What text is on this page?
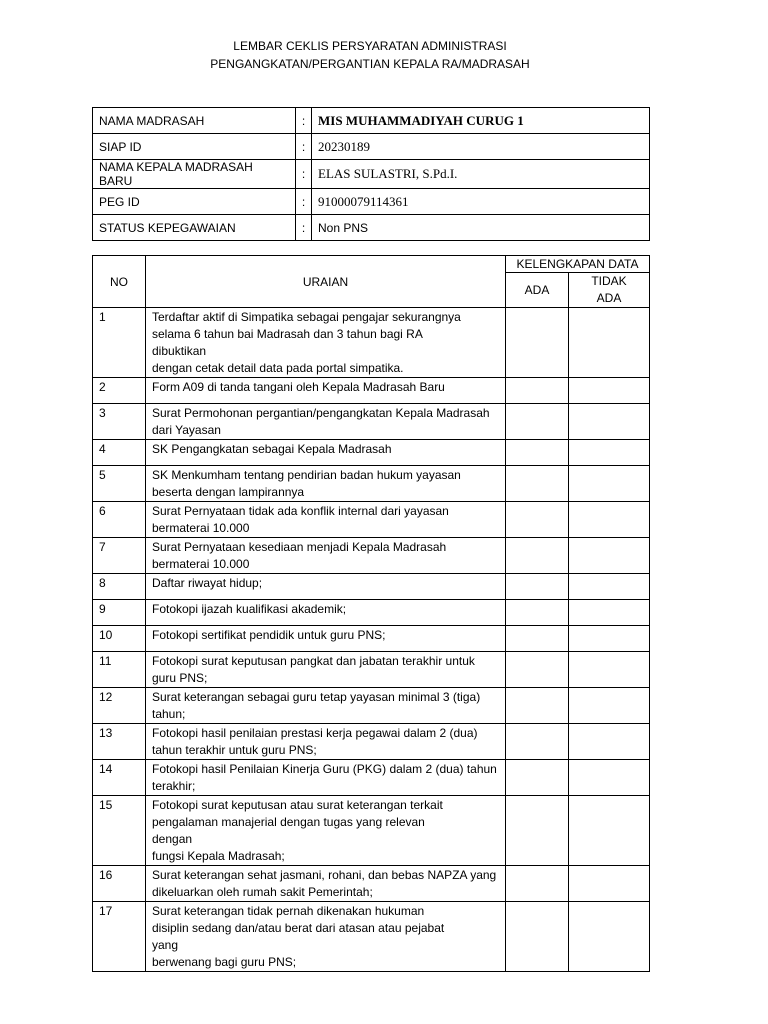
LEMBAR CEKLIS PERSYARATAN ADMINISTRASI
PENGANGKATAN/PERGANTIAN KEPALA RA/MADRASAH
NAMA MADRASAH	:	MIS MUHAMMADIYAH CURUG 1
SIAP ID	:	20230189
NAMA KEPALA MADRASAH BARU	:	ELAS SULASTRI, S.Pd.I.
PEG ID	:	91000079114361
STATUS KEPEGAWAIAN	:	Non PNS
NO	URAIAN	KELENGKAPAN DATA	
		ADA	TIDAK ADA
1	Terdaftar aktif di Simpatika sebagai pengajar sekurangnya
selama 6 tahun bai Madrasah dan 3 tahun bagi RA
dibuktikan
dengan cetak detail data pada portal simpatika.		
2	Form A09 di tanda tangani oleh Kepala Madrasah Baru		
3	Surat Permohonan pergantian/pengangkatan Kepala Madrasah
dari Yayasan		
4	SK Pengangkatan sebagai Kepala Madrasah		
5	SK Menkumham tentang pendirian badan hukum yayasan
beserta dengan lampirannya		
6	Surat Pernyataan tidak ada konflik internal dari yayasan
bermaterai 10.000		
7	Surat Pernyataan kesediaan menjadi Kepala Madrasah
bermaterai 10.000		
8	Daftar riwayat hidup;		
9	Fotokopi ijazah kualifikasi akademik;		
10	Fotokopi sertifikat pendidik untuk guru PNS;		
11	Fotokopi surat keputusan pangkat dan jabatan terakhir untuk
guru PNS;		
12	Surat keterangan sebagai guru tetap yayasan minimal 3 (tiga)
tahun;		
13	Fotokopi hasil penilaian prestasi kerja pegawai dalam 2 (dua)
tahun terakhir untuk guru PNS;		
14	Fotokopi hasil Penilaian Kinerja Guru (PKG) dalam 2 (dua) tahun
terakhir;		
15	Fotokopi surat keputusan atau surat keterangan terkait
pengalaman manajerial dengan tugas yang relevan
dengan
fungsi Kepala Madrasah;		
16	Surat keterangan sehat jasmani, rohani, dan bebas NAPZA yang
dikeluarkan oleh rumah sakit Pemerintah;		
17	Surat keterangan tidak pernah dikenakan hukuman
disiplin sedang dan/atau berat dari atasan atau pejabat
yang
berwenang bagi guru PNS;		
